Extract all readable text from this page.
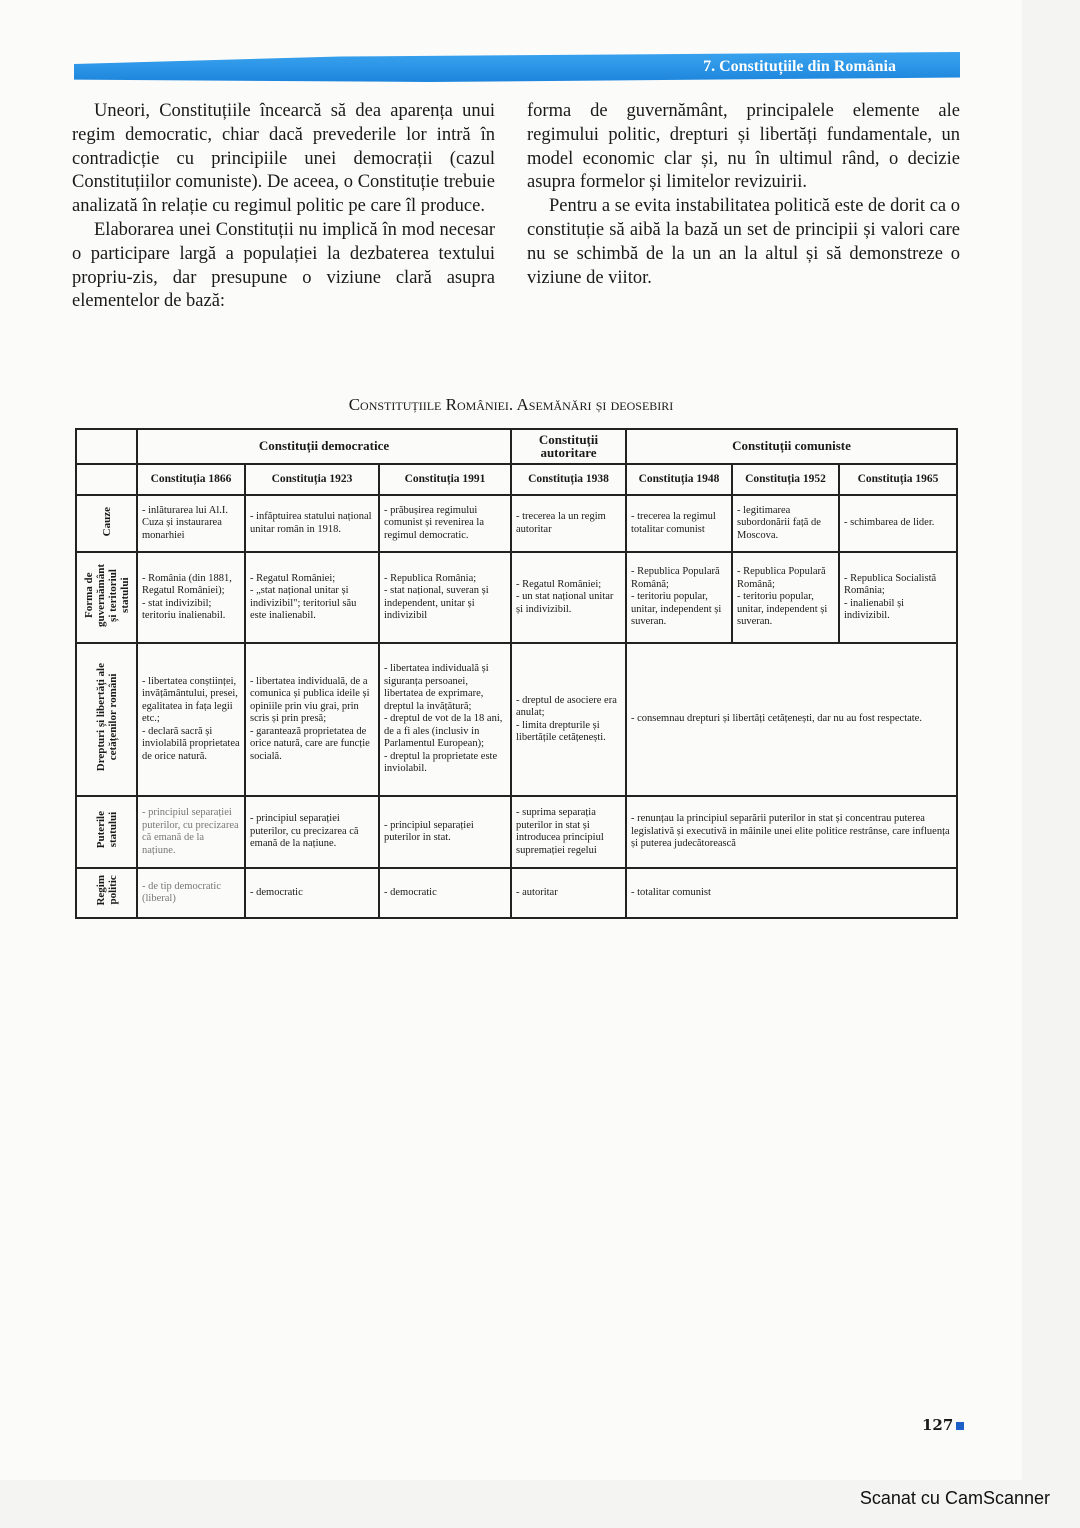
7. Constituțiile din România

Uneori, Constituțiile încearcă să dea aparența unui regim democratic, chiar dacă prevederile lor intră în contradicție cu principiile unei democrații (cazul Constituțiilor comuniste). De aceea, o Constituție trebuie analizată în relație cu regimul politic pe care îl produce.

Elaborarea unei Constituții nu implică în mod necesar o participare largă a populației la dezbaterea textului propriu-zis, dar presupune o viziune clară asupra elementelor de bază:

forma de guvernământ, principalele elemente ale regimului politic, drepturi și libertăți fundamentale, un model economic clar și, nu în ultimul rând, o decizie asupra formelor și limitelor revizuirii.

Pentru a se evita instabilitatea politică este de dorit ca o constituție să aibă la bază un set de principii și valori care nu se schimbă de la un an la altul și să demonstreze o viziune de viitor.

Constituțiile României. Asemănări și deosebiri
	Constituții democratice			Constituții autoritare	Constituții comuniste		
	Constituția 1866	Constituția 1923	Constituția 1991	Constituția 1938	Constituția 1948	Constituția 1952	Constituția 1965
Cauze	- inlăturarea lui Al.I. Cuza și instaurarea monarhiei	- infăptuirea statului național unitar român in 1918.	- prăbușirea regimului comunist și revenirea la regimul democratic.	- trecerea la un regim autoritar	- trecerea la regimul totalitar comunist	- legitimarea subordonării față de Moscova.	- schimbarea de lider.
Forma de
guvernământ
și teritoriul
statului	- România (din 1881, Regatul României);
- stat indivizibil; teritoriu inalienabil.	- Regatul României;
- „stat național unitar și indivizibil"; teritoriul său este inalienabil.	- Republica România;
- stat național, suveran și independent, unitar și indivizibil	- Regatul României;
- un stat național unitar și indivizibil.	- Republica Populară Română;
- teritoriu popular, unitar, independent și suveran.	- Republica Populară Română;
- teritoriu popular, unitar, independent și suveran.	- Republica Socialistă România;
- inalienabil și indivizibil.
Drepturi și libertăți ale
cetățenilor români	- libertatea conștiinței, invățământului, presei, egalitatea in fața legii etc.;
- declară sacră și inviolabilă proprietatea de orice natură.	- libertatea individuală, de a comunica și publica ideile și opiniile prin viu grai, prin scris și prin presă;
- garantează proprietatea de orice natură, care are funcție socială.	- libertatea individuală și siguranța persoanei, libertatea de exprimare, dreptul la invățătură;
- dreptul de vot de la 18 ani, de a fi ales (inclusiv in Parlamentul European);
- dreptul la proprietate este inviolabil.	- dreptul de asociere era anulat;
- limita drepturile și libertățile cetățenești.	- consemnau drepturi și libertăți cetățenești, dar nu au fost respectate.		
Puterile
statului	- principiul separației puterilor, cu precizarea că emană de la națiune.	- principiul separației puterilor, cu precizarea că emană de la națiune.	- principiul separației puterilor in stat.	- suprima separația puterilor in stat și introducea principiul supremației regelui	- renunțau la principiul separării puterilor in stat și concentrau puterea legislativă și executivă in mâinile unei elite politice restrânse, care influența și puterea judecătorească		
Regim
politic	- de tip democratic (liberal)	- democratic	- democratic	- autoritar	- totalitar comunist		
127
Scanat cu CamScanner
